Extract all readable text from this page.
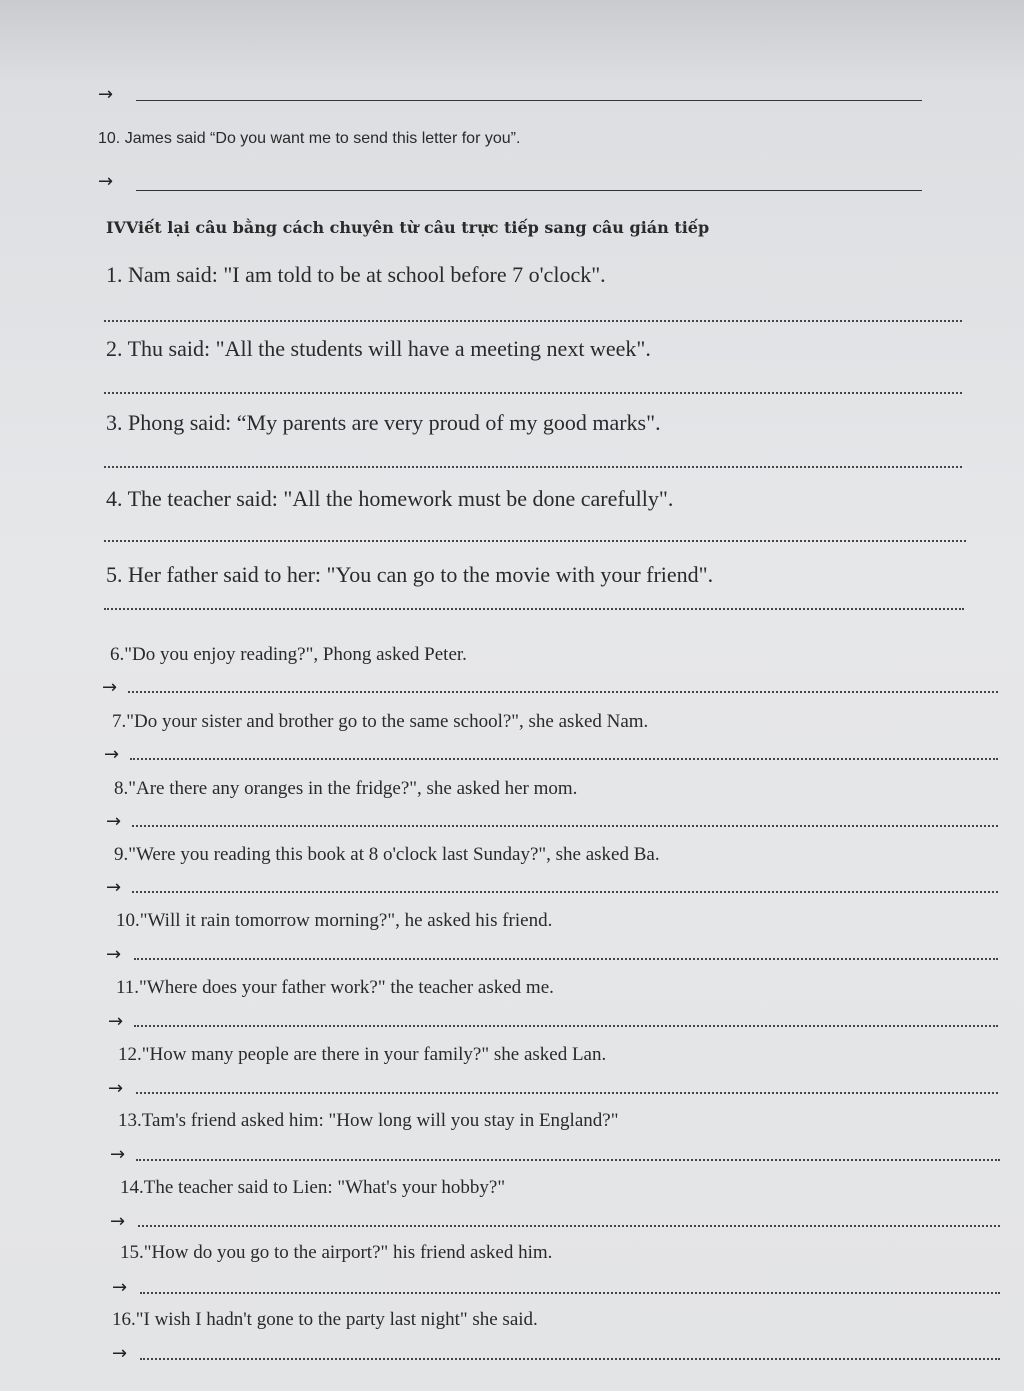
→
10. James said “Do you want me to send this letter for you”.
→
IVViết lại câu bằng cách chuyên từ câu trực tiếp sang câu gián tiếp
1. Nam said: "I am told to be at school before 7 o'clock".
2. Thu said: "All the students will have a meeting next week".
3. Phong said: “My parents are very proud of my good marks".
4. The teacher said: "All the homework must be done carefully".
5. Her father said to her: "You can go to the movie with your friend".
6."Do you enjoy reading?", Phong asked Peter.
→
7."Do your sister and brother go to the same school?", she asked Nam.
→
8."Are there any oranges in the fridge?", she asked her mom.
→
9."Were you reading this book at 8 o'clock last Sunday?", she asked Ba.
→
10."Will it rain tomorrow morning?", he asked his friend.
→
11."Where does your father work?" the teacher asked me.
→
12."How many people are there in your family?" she asked Lan.
→
13.Tam's friend asked him: "How long will you stay in England?"
→
14.The teacher said to Lien: "What's your hobby?"
→
15."How do you go to the airport?" his friend asked him.
→
16."I wish I hadn't gone to the party last night" she said.
→
